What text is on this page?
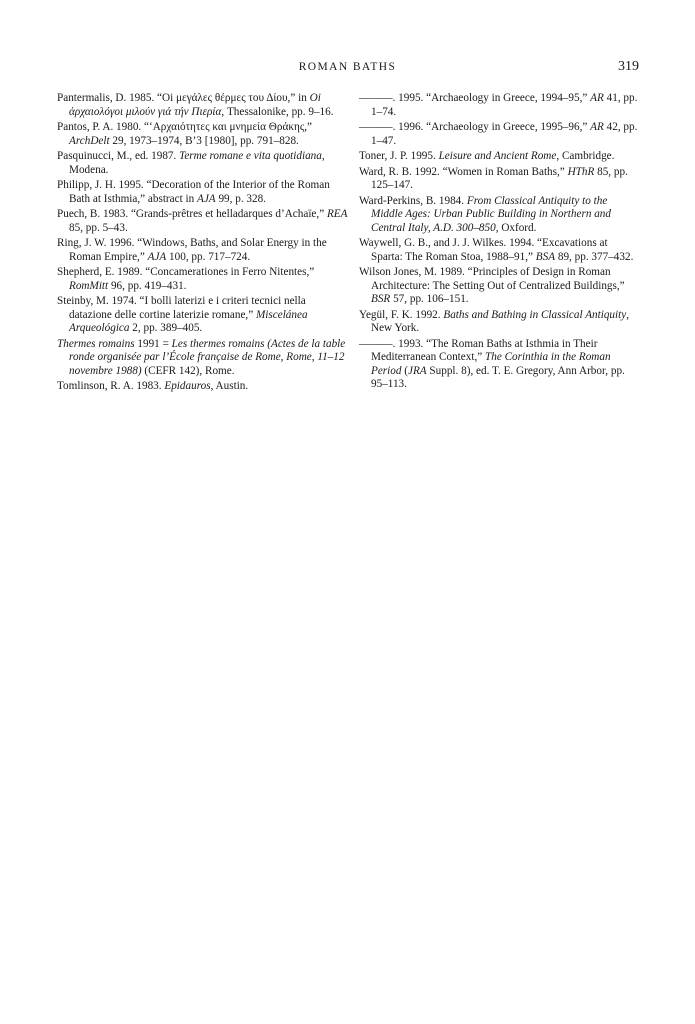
ROMAN BATHS	319

Pantermalis, D. 1985. “Oi μεγάλες θέρμες του Δίου,” in Oi ἀρχαιολόγοι μιλούν γιά τήν Πιερία, Thessalonike, pp. 9–16.

Pantos, P. A. 1980. “‘Αρχαιότητες και μνημεία Θράκης,” ArchDelt 29, 1973–1974, B’3 [1980], pp. 791–828.

Pasquinucci, M., ed. 1987. Terme romane e vita quotidiana, Modena.

Philipp, J. H. 1995. “Decoration of the Interior of the Roman Bath at Isthmia,” abstract in AJA 99, p. 328.

Puech, B. 1983. “Grands-prêtres et helladarques d’Achaïe,” REA 85, pp. 5–43.

Ring, J. W. 1996. “Windows, Baths, and Solar Energy in the Roman Empire,” AJA 100, pp. 717–724.

Shepherd, E. 1989. “Concamerationes in Ferro Nitentes,” RomMitt 96, pp. 419–431.

Steinby, M. 1974. “I bolli laterizi e i criteri tecnici nella datazione delle cortine laterizie romane,” Miscelánea Arqueológica 2, pp. 389–405.

Thermes romains 1991 = Les thermes romains (Actes de la table ronde organisée par l’École française de Rome, Rome, 11–12 novembre 1988) (CEFR 142), Rome.

Tomlinson, R. A. 1983. Epidauros, Austin.

———. 1995. “Archaeology in Greece, 1994–95,” AR 41, pp. 1–74.

———. 1996. “Archaeology in Greece, 1995–96,” AR 42, pp. 1–47.

Toner, J. P. 1995. Leisure and Ancient Rome, Cambridge.

Ward, R. B. 1992. “Women in Roman Baths,” HThR 85, pp. 125–147.

Ward-Perkins, B. 1984. From Classical Antiquity to the Middle Ages: Urban Public Building in Northern and Central Italy, A.D. 300–850, Oxford.

Waywell, G. B., and J. J. Wilkes. 1994. “Excavations at Sparta: The Roman Stoa, 1988–91,” BSA 89, pp. 377–432.

Wilson Jones, M. 1989. “Principles of Design in Roman Architecture: The Setting Out of Centralized Buildings,” BSR 57, pp. 106–151.

Yegül, F. K. 1992. Baths and Bathing in Classical Antiquity, New York.

———. 1993. “The Roman Baths at Isthmia in Their Mediterranean Context,” The Corinthia in the Roman Period (JRA Suppl. 8), ed. T. E. Gregory, Ann Arbor, pp. 95–113.
